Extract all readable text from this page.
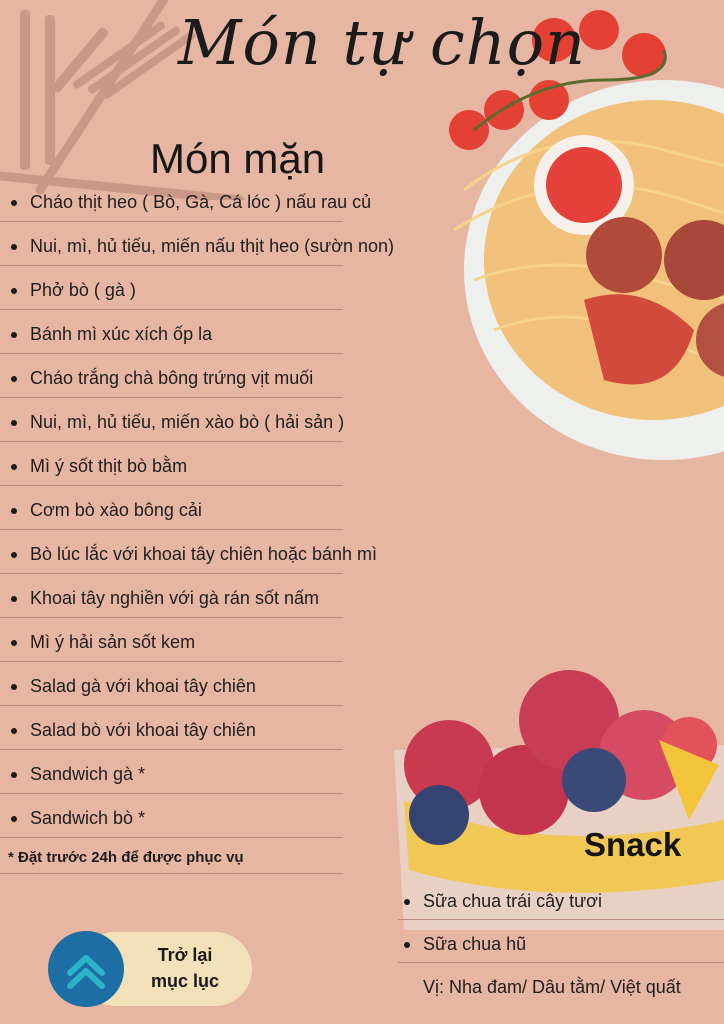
Món tự chọn
Món mặn
Cháo thịt heo ( Bò, Gà, Cá lóc ) nấu rau củ
Nui, mì, hủ tiếu, miến nấu thịt heo (sườn non)
Phở bò ( gà )
Bánh mì xúc xích ốp la
Cháo trắng chà bông trứng vịt muối
Nui, mì, hủ tiếu, miến xào bò ( hải sản )
Mì ý sốt thịt bò bằm
Cơm bò xào bông cải
Bò lúc lắc với khoai tây chiên hoặc bánh mì
Khoai tây nghiền với gà rán sốt nấm
Mì ý hải sản sốt kem
Salad gà với khoai tây chiên
Salad bò với khoai tây chiên
Sandwich gà *
Sandwich bò *
* Đặt trước 24h để được phục vụ	Snack
Sữa chua trái cây tươi
Sữa chua hũ
Vị: Nha đam/ Dâu tằm/ Việt quất
Trở lại
mục lục
